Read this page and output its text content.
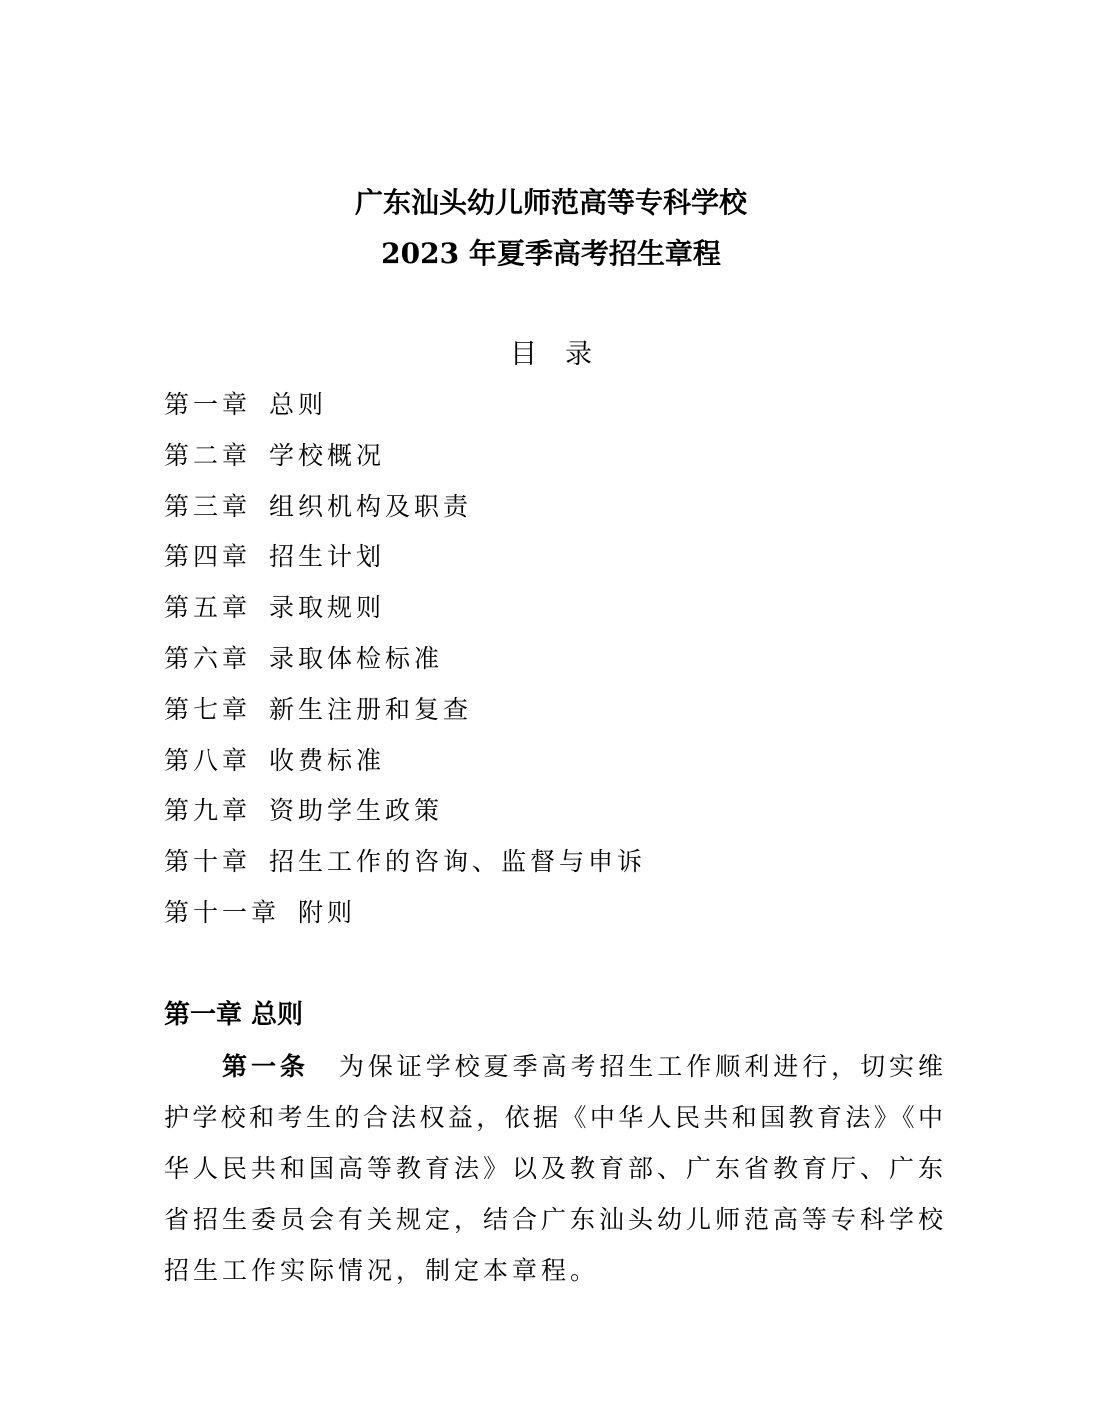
广东汕头幼儿师范高等专科学校
2023 年夏季高考招生章程
目录
第一章 总则
第二章 学校概况
第三章 组织机构及职责
第四章 招生计划
第五章 录取规则
第六章 录取体检标准
第七章 新生注册和复查
第八章 收费标准
第九章 资助学生政策
第十章 招生工作的咨询、监督与申诉
第十一章 附则
第一章 总则
第一条 为保证学校夏季高考招生工作顺利进行，切实维
护学校和考生的合法权益，依据《中华人民共和国教育法》《中
华人民共和国高等教育法》以及教育部、广东省教育厅、广东
省招生委员会有关规定，结合广东汕头幼儿师范高等专科学校
招生工作实际情况，制定本章程。
